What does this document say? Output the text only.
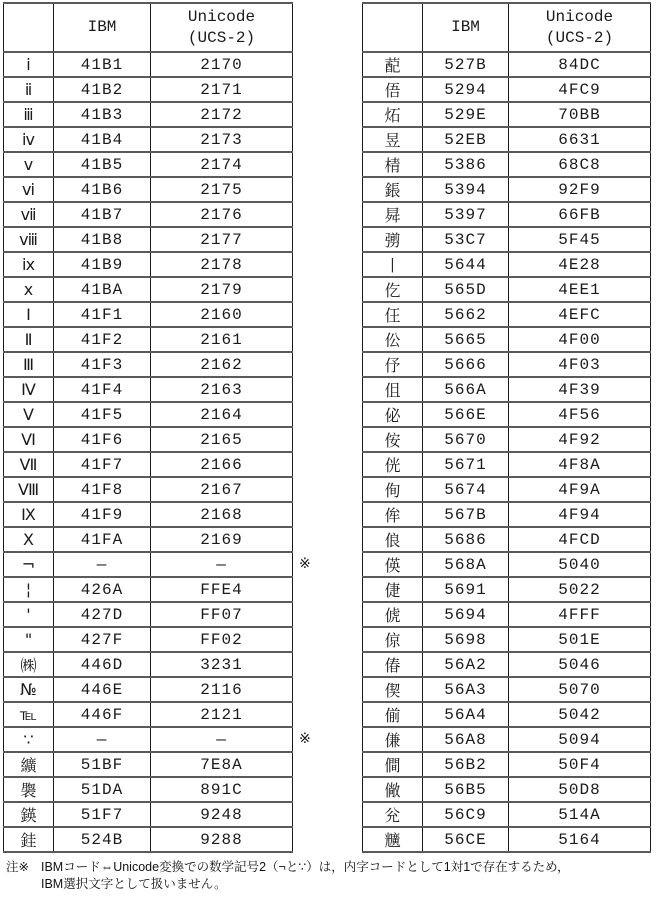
	IBM	Unicode
(UCS-2)

ⅰ	41B1	2170
ⅱ	41B2	2171
ⅲ	41B3	2172
ⅳ	41B4	2173
ⅴ	41B5	2174
ⅵ	41B6	2175
ⅶ	41B7	2176
ⅷ	41B8	2177
ⅸ	41B9	2178
ⅹ	41BA	2179
Ⅰ	41F1	2160
Ⅱ	41F2	2161
Ⅲ	41F3	2162
Ⅳ	41F4	2163
Ⅴ	41F5	2164
Ⅵ	41F6	2165
Ⅶ	41F7	2166
Ⅷ	41F8	2167
Ⅸ	41F9	2168
Ⅹ	41FA	2169
¬	—	—
¦	426A	FFE4
'	427D	FF07
"	427F	FF02
㈱	446D	3231
№	446E	2116
℡	446F	2121
∵	—	—
纊	51BF	7E8A
褜	51DA	891C
鍈	51F7	9248
銈	524B	9288
※
※
	IBM	Unicode
(UCS-2)

蓜	527B	84DC
俉	5294	4FC9
炻	529E	70BB
昱	52EB	6631
棈	5386	68C8
鋹	5394	92F9
曻	5397	66FB
彅	53C7	5F45
丨	5644	4E28
仡	565D	4EE1
仼	5662	4EFC
伀	5665	4F00
伃	5666	4F03
伹	566A	4F39
佖	566E	4F56
侒	5670	4F92
侊	5671	4F8A
侚	5674	4F9A
侔	567B	4F94
俍	5686	4FCD
偀	568A	5040
倢	5691	5022
俿	5694	4FFF
倞	5698	501E
偆	56A2	5046
偰	56A3	5070
偂	56A4	5042
傔	56A8	5094
僴	56B2	50F4
僘	56B5	50D8
兊	56C9	514A
兤	56CE	5164
注※ IBMコード⇔Unicode変換での数学記号2（¬と∵）は，内字コードとして1対1で存在するため，
IBM選択文字として扱いません。
